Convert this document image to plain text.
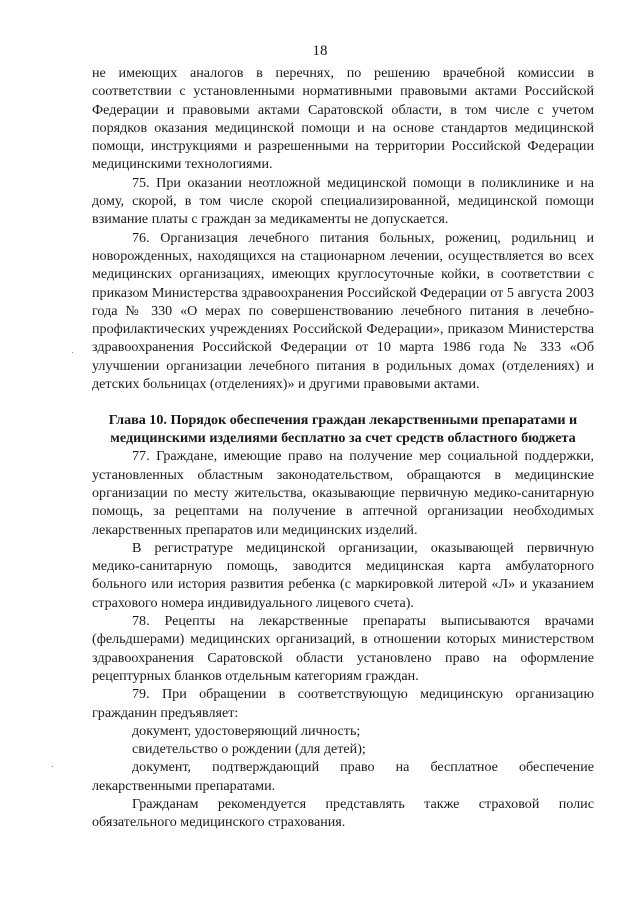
18

не имеющих аналогов в перечнях, по решению врачебной комиссии в соответствии с установленными нормативными правовыми актами Российской Федерации и правовыми актами Саратовской области, в том числе с учетом порядков оказания медицинской помощи и на основе стандартов медицинской помощи, инструкциями и разрешенными на территории Российской Федерации медицинскими технологиями.

75. При оказании неотложной медицинской помощи в поликлинике и на дому, скорой, в том числе скорой специализированной, медицинской помощи взимание платы с граждан за медикаменты не допускается.

76. Организация лечебного питания больных, рожениц, родильниц и новорожденных, находящихся на стационарном лечении, осуществляется во всех медицинских организациях, имеющих круглосуточные койки, в соответствии с приказом Министерства здравоохранения Российской Федерации от 5 августа 2003 года № 330 «О мерах по совершенствованию лечебного питания в лечебно-профилактических учреждениях Российской Федерации», приказом Министерства здравоохранения Российской Федерации от 10 марта 1986 года № 333 «Об улучшении организации лечебного питания в родильных домах (отделениях) и детских больницах (отделениях)» и другими правовыми актами.

Глава 10. Порядок обеспечения граждан лекарственными препаратами и медицинскими изделиями бесплатно за счет средств областного бюджета

77. Граждане, имеющие право на получение мер социальной поддержки, установленных областным законодательством, обращаются в медицинские организации по месту жительства, оказывающие первичную медико-санитарную помощь, за рецептами на получение в аптечной организации необходимых лекарственных препаратов или медицинских изделий.

В регистратуре медицинской организации, оказывающей первичную медико-санитарную помощь, заводится медицинская карта амбулаторного больного или история развития ребенка (с маркировкой литерой «Л» и указанием страхового номера индивидуального лицевого счета).

78. Рецепты на лекарственные препараты выписываются врачами (фельдшерами) медицинских организаций, в отношении которых министерством здравоохранения Саратовской области установлено право на оформление рецептурных бланков отдельным категориям граждан.

79. При обращении в соответствующую медицинскую организацию гражданин предъявляет:

документ, удостоверяющий личность;

свидетельство о рождении (для детей);

документ, подтверждающий право на бесплатное обеспечение лекарственными препаратами.

Гражданам рекомендуется представлять также страховой полис обязательного медицинского страхования.
